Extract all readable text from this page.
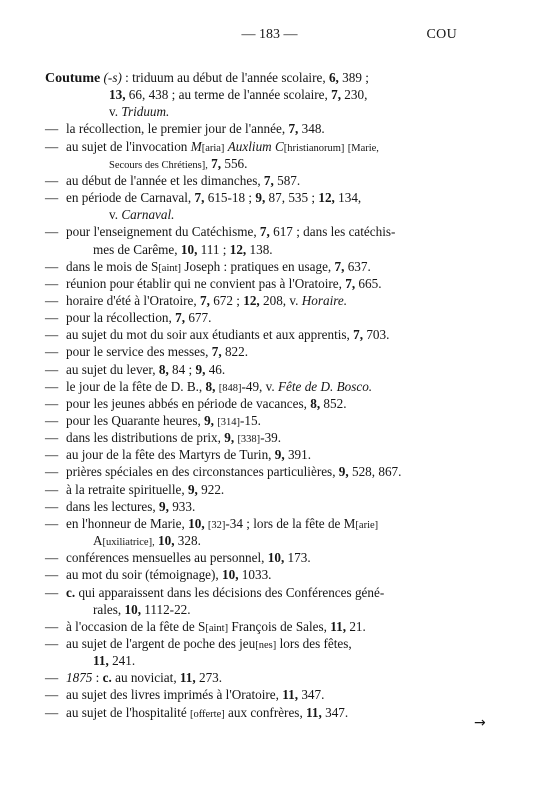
— 183 —	COU
Coutume (-s) : triduum au début de l'année scolaire, 6, 389 ;
13, 66, 438 ; au terme de l'année scolaire, 7, 230,
v. Triduum.
— la récollection, le premier jour de l'année, 7, 348.
— au sujet de l'invocation M[aria] Auxlium C[hristianorum] [Marie,
Secours des Chrétiens], 7, 556.
— au début de l'année et les dimanches, 7, 587.
— en période de Carnaval, 7, 615-18 ; 9, 87, 535 ; 12, 134,
v. Carnaval.
— pour l'enseignement du Catéchisme, 7, 617 ; dans les catéchis-
mes de Carême, 10, 111 ; 12, 138.
— dans le mois de S[aint] Joseph : pratiques en usage, 7, 637.
— réunion pour établir qui ne convient pas à l'Oratoire, 7, 665.
— horaire d'été à l'Oratoire, 7, 672 ; 12, 208, v. Horaire.
— pour la récollection, 7, 677.
— au sujet du mot du soir aux étudiants et aux apprentis, 7, 703.
— pour le service des messes, 7, 822.
— au sujet du lever, 8, 84 ; 9, 46.
— le jour de la fête de D. B., 8, [848]-49, v. Fête de D. Bosco.
— pour les jeunes abbés en période de vacances, 8, 852.
— pour les Quarante heures, 9, [314]-15.
— dans les distributions de prix, 9, [338]-39.
— au jour de la fête des Martyrs de Turin, 9, 391.
— prières spéciales en des circonstances particulières, 9, 528, 867.
— à la retraite spirituelle, 9, 922.
— dans les lectures, 9, 933.
— en l'honneur de Marie, 10, [32]-34 ; lors de la fête de M[arie]
A[uxiliatrice], 10, 328.
— conférences mensuelles au personnel, 10, 173.
— au mot du soir (témoignage), 10, 1033.
— c. qui apparaissent dans les décisions des Conférences géné-
rales, 10, 1112-22.
— à l'occasion de la fête de S[aint] François de Sales, 11, 21.
— au sujet de l'argent de poche des jeu[nes] lors des fêtes,
11, 241.
— 1875 : c. au noviciat, 11, 273.
— au sujet des livres imprimés à l'Oratoire, 11, 347.
— au sujet de l'hospitalité [offerte] aux confrères, 11, 347.
→
